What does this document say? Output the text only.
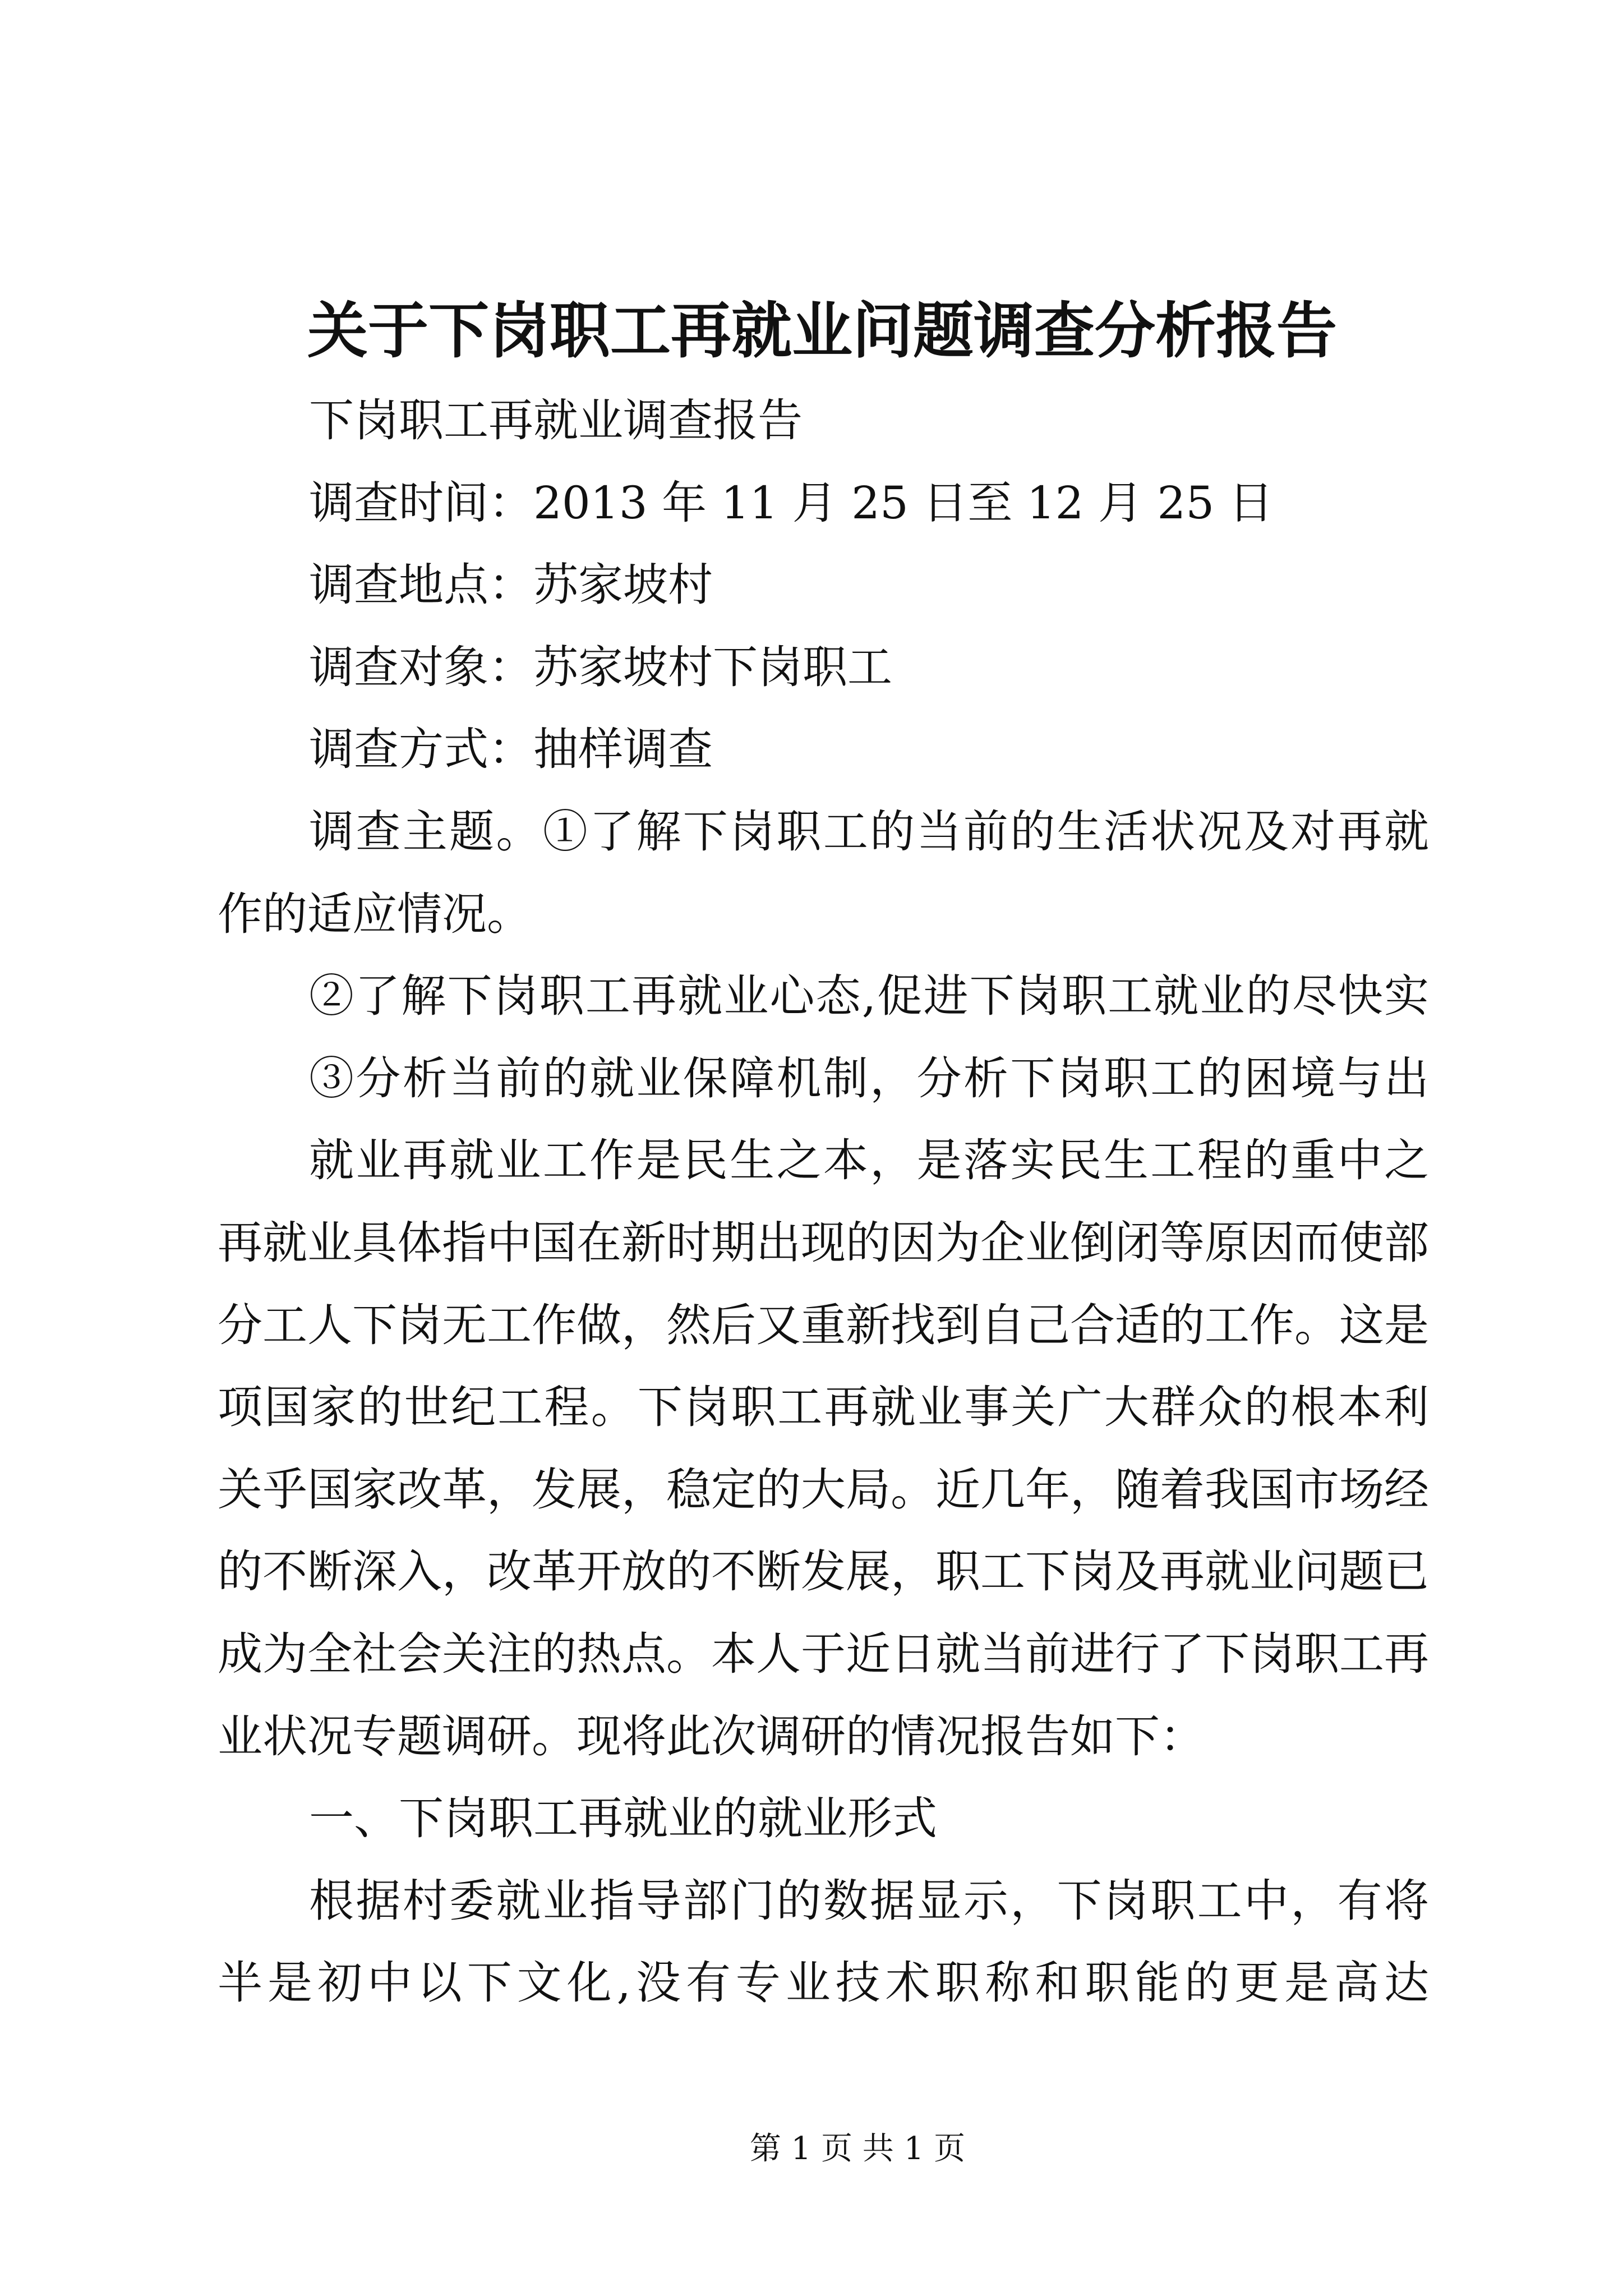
关于下岗职工再就业问题调查分析报告
下岗职工再就业调查报告
调查时间：2013 年 11 月 25 日至 12 月 25 日
调查地点：苏家坡村
调查对象：苏家坡村下岗职工
调查方式：抽样调查
调查主题。①了解下岗职工的当前的生活状况及对再就
作的适应情况。
②了解下岗职工再就业心态,促进下岗职工就业的尽快实
③分析当前的就业保障机制，分析下岗职工的困境与出
就业再就业工作是民生之本，是落实民生工程的重中之
再就业具体指中国在新时期出现的因为企业倒闭等原因而使部
分工人下岗无工作做，然后又重新找到自己合适的工作。这是
项国家的世纪工程。下岗职工再就业事关广大群众的根本利
关乎国家改革，发展，稳定的大局。近几年，随着我国市场经
的不断深入，改革开放的不断发展，职工下岗及再就业问题已
成为全社会关注的热点。本人于近日就当前进行了下岗职工再
业状况专题调研。现将此次调研的情况报告如下：
一、下岗职工再就业的就业形式
根据村委就业指导部门的数据显示，下岗职工中，有将
半是初中以下文化,没有专业技术职称和职能的更是高达
第 1 页 共 1 页
